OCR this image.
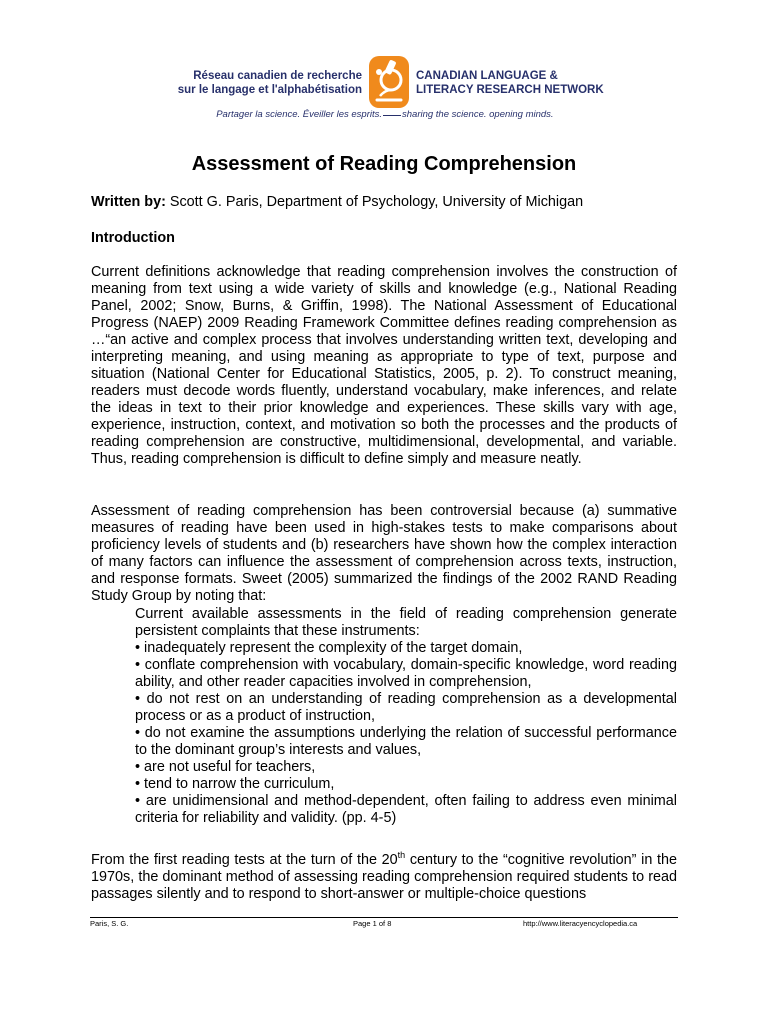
Réseau canadien de recherche
sur le langage et l'alphabétisation
CANADIAN LANGUAGE &
LITERACY RESEARCH NETWORK
Partager la science. Éveiller les esprits. sharing the science. opening minds.
Assessment of Reading Comprehension
Written by: Scott G. Paris, Department of Psychology, University of Michigan
Introduction
Current definitions acknowledge that reading comprehension involves the construction of meaning from text using a wide variety of skills and knowledge (e.g., National Reading Panel, 2002; Snow, Burns, & Griffin, 1998). The National Assessment of Educational Progress (NAEP) 2009 Reading Framework Committee defines reading comprehension as …“an active and complex process that involves understanding written text, developing and interpreting meaning, and using meaning as appropriate to type of text, purpose and situation (National Center for Educational Statistics, 2005, p. 2). To construct meaning, readers must decode words fluently, understand vocabulary, make inferences, and relate the ideas in text to their prior knowledge and experiences. These skills vary with age, experience, instruction, context, and motivation so both the processes and the products of reading comprehension are constructive, multidimensional, developmental, and variable. Thus, reading comprehension is difficult to define simply and measure neatly.
Assessment of reading comprehension has been controversial because (a) summative measures of reading have been used in high-stakes tests to make comparisons about proficiency levels of students and (b) researchers have shown how the complex interaction of many factors can influence the assessment of comprehension across texts, instruction, and response formats. Sweet (2005) summarized the findings of the 2002 RAND Reading Study Group by noting that:
Current available assessments in the field of reading comprehension generate persistent complaints that these instruments:
• inadequately represent the complexity of the target domain,
• conflate comprehension with vocabulary, domain-specific knowledge, word reading ability, and other reader capacities involved in comprehension,
• do not rest on an understanding of reading comprehension as a developmental process or as a product of instruction,
• do not examine the assumptions underlying the relation of successful performance to the dominant group’s interests and values,
• are not useful for teachers,
• tend to narrow the curriculum,
• are unidimensional and method-dependent, often failing to address even minimal criteria for reliability and validity. (pp. 4-5)
From the first reading tests at the turn of the 20th century to the “cognitive revolution” in the 1970s, the dominant method of assessing reading comprehension required students to read passages silently and to respond to short-answer or multiple-choice questions
Paris, S. G.	Page 1 of 8	http://www.literacyencyclopedia.ca
